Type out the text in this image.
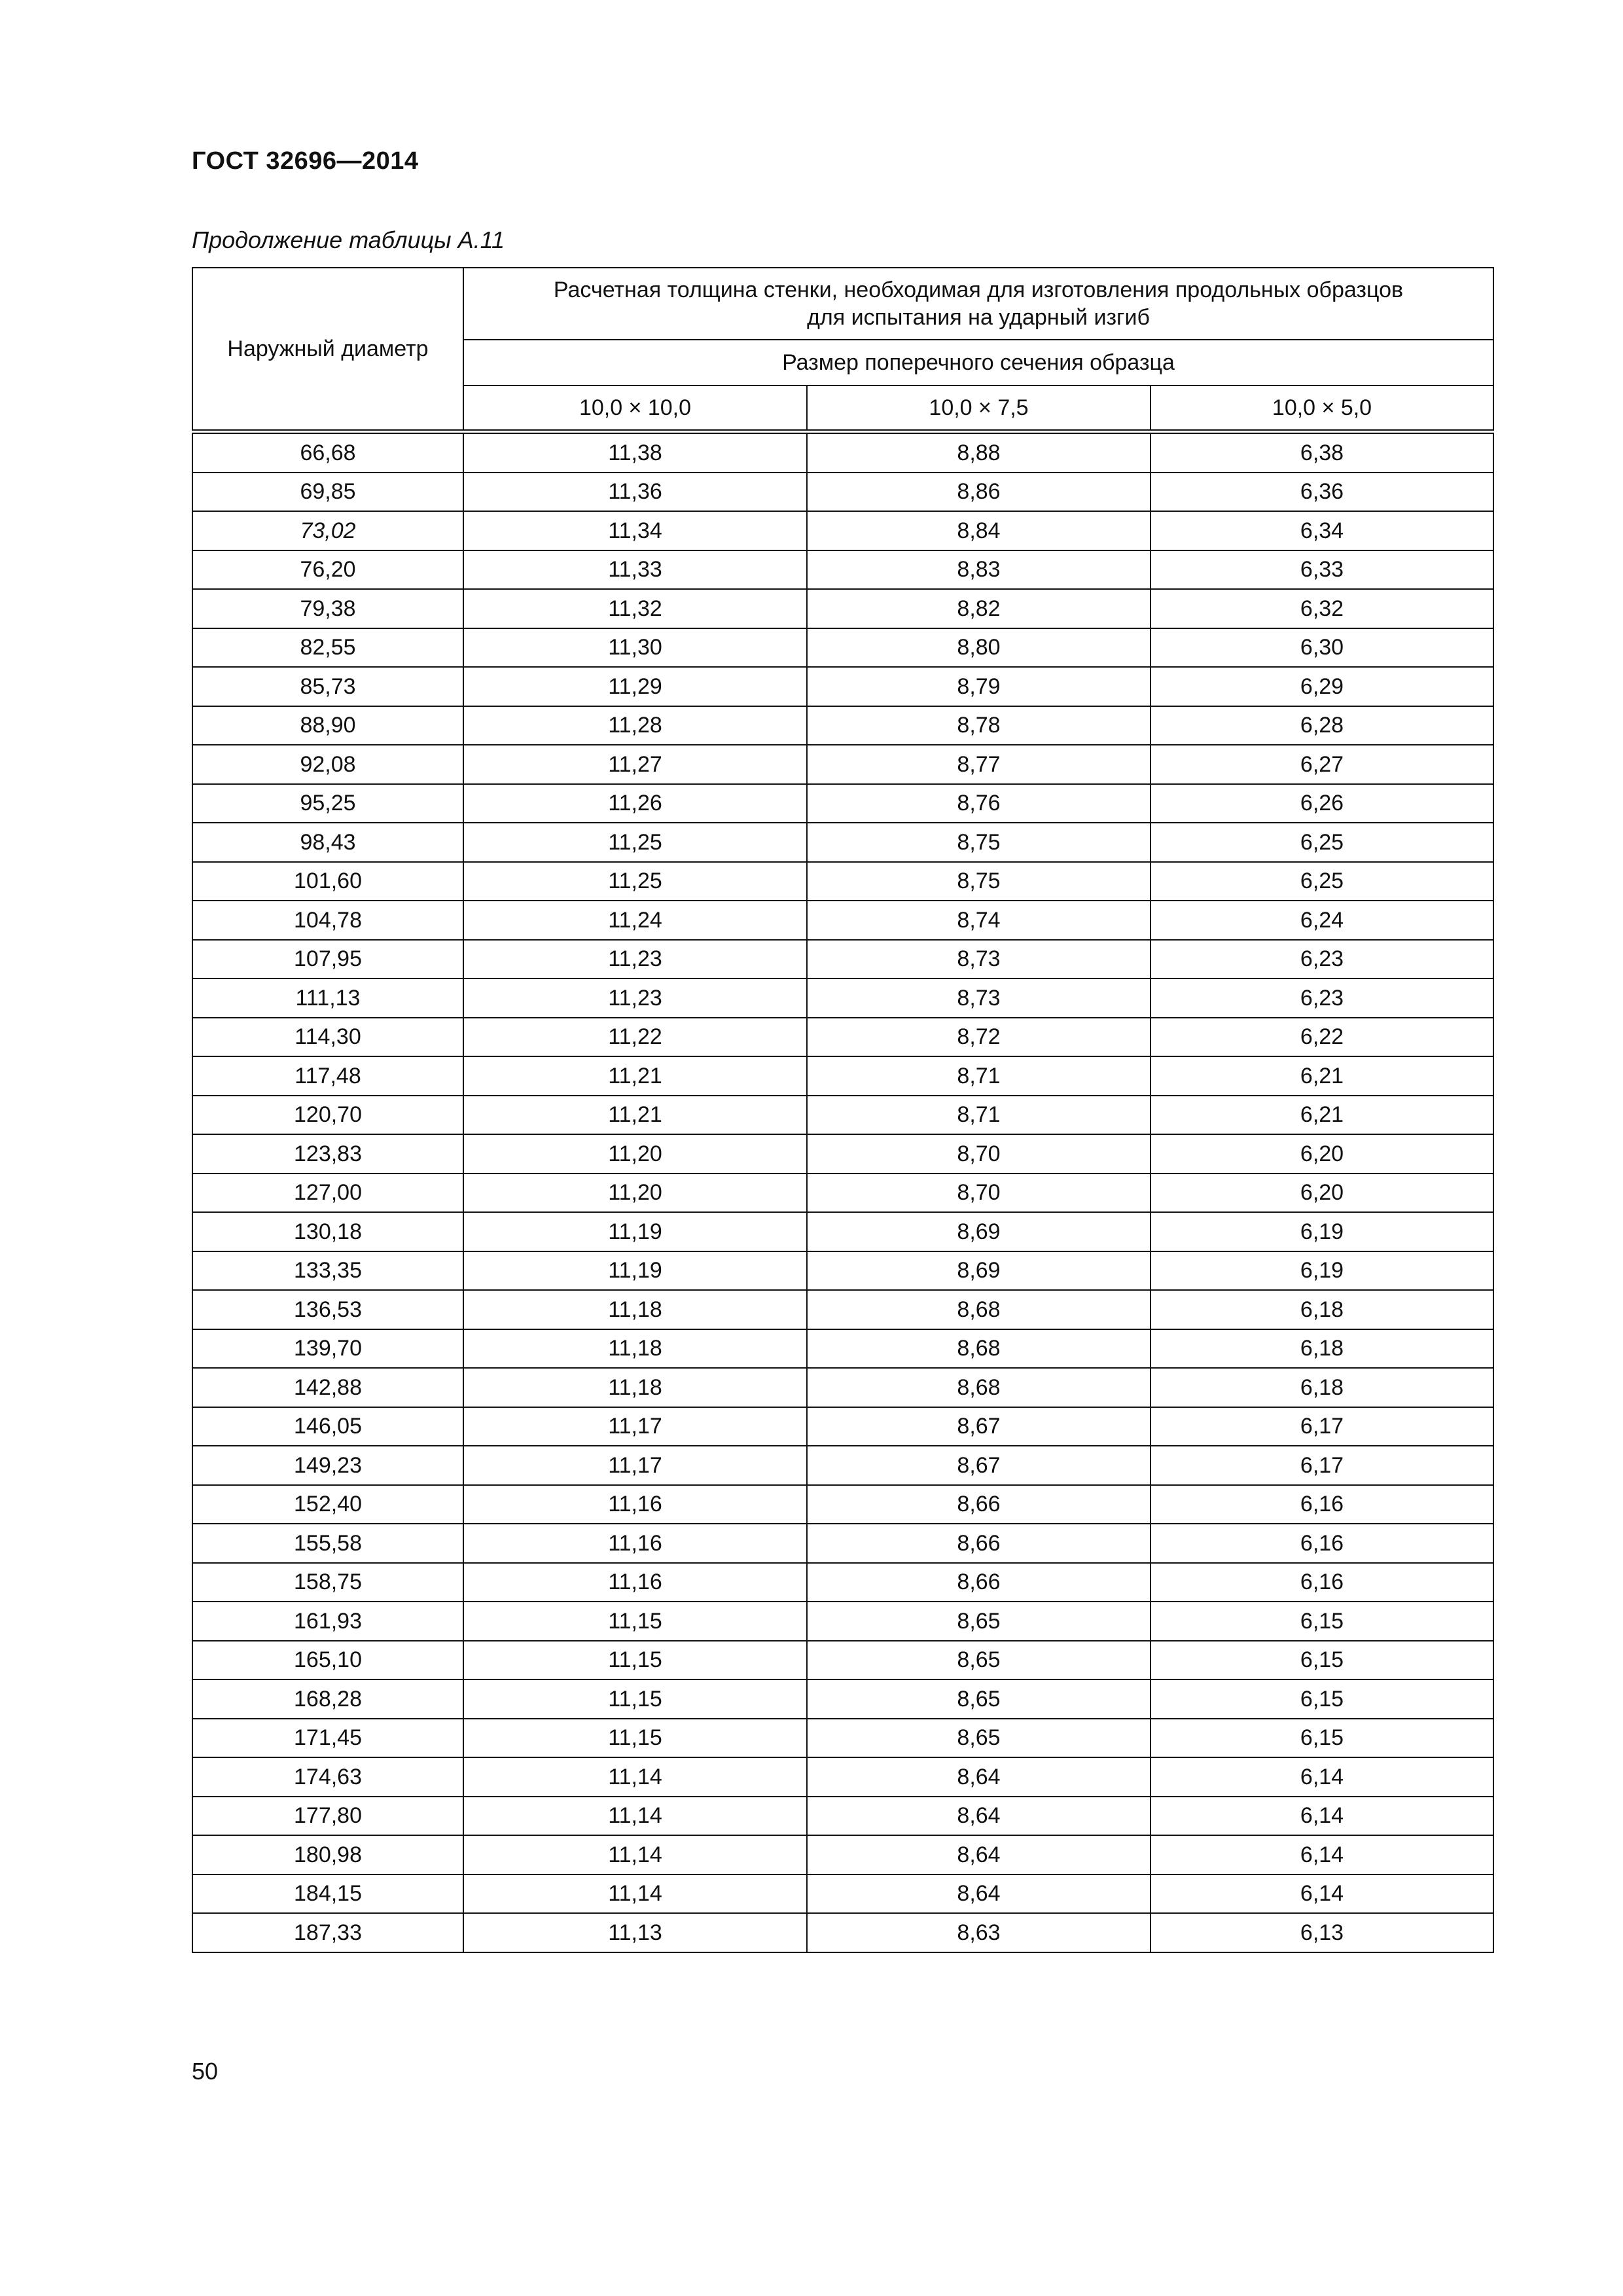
ГОСТ 32696—2014
Продолжение таблицы А.11
Наружный диаметр	Расчетная толщина стенки, необходимая для изготовления продольных образцов
для испытания на ударный изгиб		
	Размер поперечного сечения образца		
	10,0 × 10,0	10,0 × 7,5	10,0 × 5,0
66,68	11,38	8,88	6,38
69,85	11,36	8,86	6,36
73,02	11,34	8,84	6,34
76,20	11,33	8,83	6,33
79,38	11,32	8,82	6,32
82,55	11,30	8,80	6,30
85,73	11,29	8,79	6,29
88,90	11,28	8,78	6,28
92,08	11,27	8,77	6,27
95,25	11,26	8,76	6,26
98,43	11,25	8,75	6,25
101,60	11,25	8,75	6,25
104,78	11,24	8,74	6,24
107,95	11,23	8,73	6,23
111,13	11,23	8,73	6,23
114,30	11,22	8,72	6,22
117,48	11,21	8,71	6,21
120,70	11,21	8,71	6,21
123,83	11,20	8,70	6,20
127,00	11,20	8,70	6,20
130,18	11,19	8,69	6,19
133,35	11,19	8,69	6,19
136,53	11,18	8,68	6,18
139,70	11,18	8,68	6,18
142,88	11,18	8,68	6,18
146,05	11,17	8,67	6,17
149,23	11,17	8,67	6,17
152,40	11,16	8,66	6,16
155,58	11,16	8,66	6,16
158,75	11,16	8,66	6,16
161,93	11,15	8,65	6,15
165,10	11,15	8,65	6,15
168,28	11,15	8,65	6,15
171,45	11,15	8,65	6,15
174,63	11,14	8,64	6,14
177,80	11,14	8,64	6,14
180,98	11,14	8,64	6,14
184,15	11,14	8,64	6,14
187,33	11,13	8,63	6,13
50
